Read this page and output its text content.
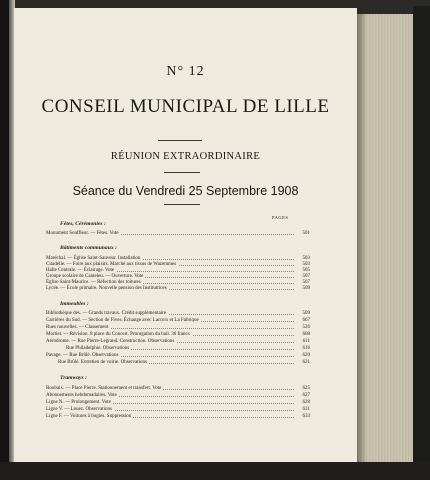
N° 12
CONSEIL MUNICIPAL DE LILLE
RÉUNION EXTRAORDINAIRE
Séance du Vendredi 25 Septembre 1908
PAGES
Fêtes, Cérémonies :
Monument Souffleur. — Fêtes. Vote	501
Bâtiments communaux :
Maréchal. — Église Saint-Sauveur. Installation	503
Citadelle. — Foire aux plaisirs. Marché aux tissus de Wazemmes	503
Halle Centrale. — Éclairage. Vote	505
Groupe scolaire de Canteleu. — Ouverture. Vote	507
Église Saint-Maurice. — Réfection des toitures	507
Lycée. — École primaire. Nouvelle pension des Institutrices	509
Immeubles :
Bibliothèque des. — Grands travaux. Crédit supplémentaire	509
Carrières du Sud. — Section de Fives. Échange avec Lacroix et La Fabrique	667
Rues nouvelles. — Classement	526
Mortier. — Révision. 8 place du Concert. Prorogation du bail. 36 francs	608
Aérodrome. — Rue Pierre-Legrand. Construction. Observations	611
Rue Philadelphie. Observations	616
Pavage. — Rue Brûlé. Observations	620
Rue Brûlé. Entretien de voirie. Observations	621
Tramways :
Roubaix. — Place Pierre. Stationnement et transfert. Vote	625
Abonnements hebdomadaires. Vote	627
Ligne N. — Prolongement. Vote	628
Ligne V. — Louez. Observations	631
Ligne F. — Voitures à bogies. Suppression	633
